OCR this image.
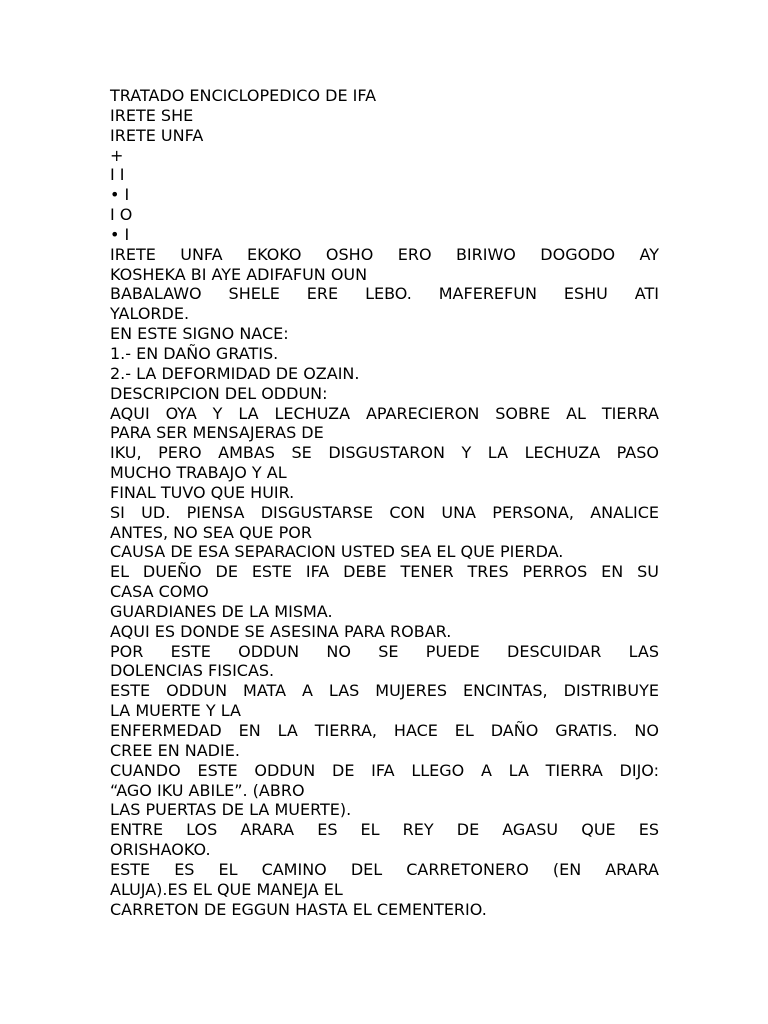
TRATADO ENCICLOPEDICO DE IFA
IRETE SHE
IRETE UNFA
+
I I
• I
I O
• I
IRETE UNFA EKOKO OSHO ERO BIRIWO DOGODO AY
KOSHEKA BI AYE ADIFAFUN OUN
BABALAWO SHELE ERE LEBO. MAFEREFUN ESHU ATI
YALORDE.
EN ESTE SIGNO NACE:
1.- EN DAÑO GRATIS.
2.- LA DEFORMIDAD DE OZAIN.
DESCRIPCION DEL ODDUN:
AQUI OYA Y LA LECHUZA APARECIERON SOBRE AL TIERRA
PARA SER MENSAJERAS DE
IKU, PERO AMBAS SE DISGUSTARON Y LA LECHUZA PASO
MUCHO TRABAJO Y AL
FINAL TUVO QUE HUIR.
SI UD. PIENSA DISGUSTARSE CON UNA PERSONA, ANALICE
ANTES, NO SEA QUE POR
CAUSA DE ESA SEPARACION USTED SEA EL QUE PIERDA.
EL DUEÑO DE ESTE IFA DEBE TENER TRES PERROS EN SU
CASA COMO
GUARDIANES DE LA MISMA.
AQUI ES DONDE SE ASESINA PARA ROBAR.
POR ESTE ODDUN NO SE PUEDE DESCUIDAR LAS
DOLENCIAS FISICAS.
ESTE ODDUN MATA A LAS MUJERES ENCINTAS, DISTRIBUYE
LA MUERTE Y LA
ENFERMEDAD EN LA TIERRA, HACE EL DAÑO GRATIS. NO
CREE EN NADIE.
CUANDO ESTE ODDUN DE IFA LLEGO A LA TIERRA DIJO:
“AGO IKU ABILE”. (ABRO
LAS PUERTAS DE LA MUERTE).
ENTRE LOS ARARA ES EL REY DE AGASU QUE ES
ORISHAOKO.
ESTE ES EL CAMINO DEL CARRETONERO (EN ARARA
ALUJA).ES EL QUE MANEJA EL
CARRETON DE EGGUN HASTA EL CEMENTERIO.
